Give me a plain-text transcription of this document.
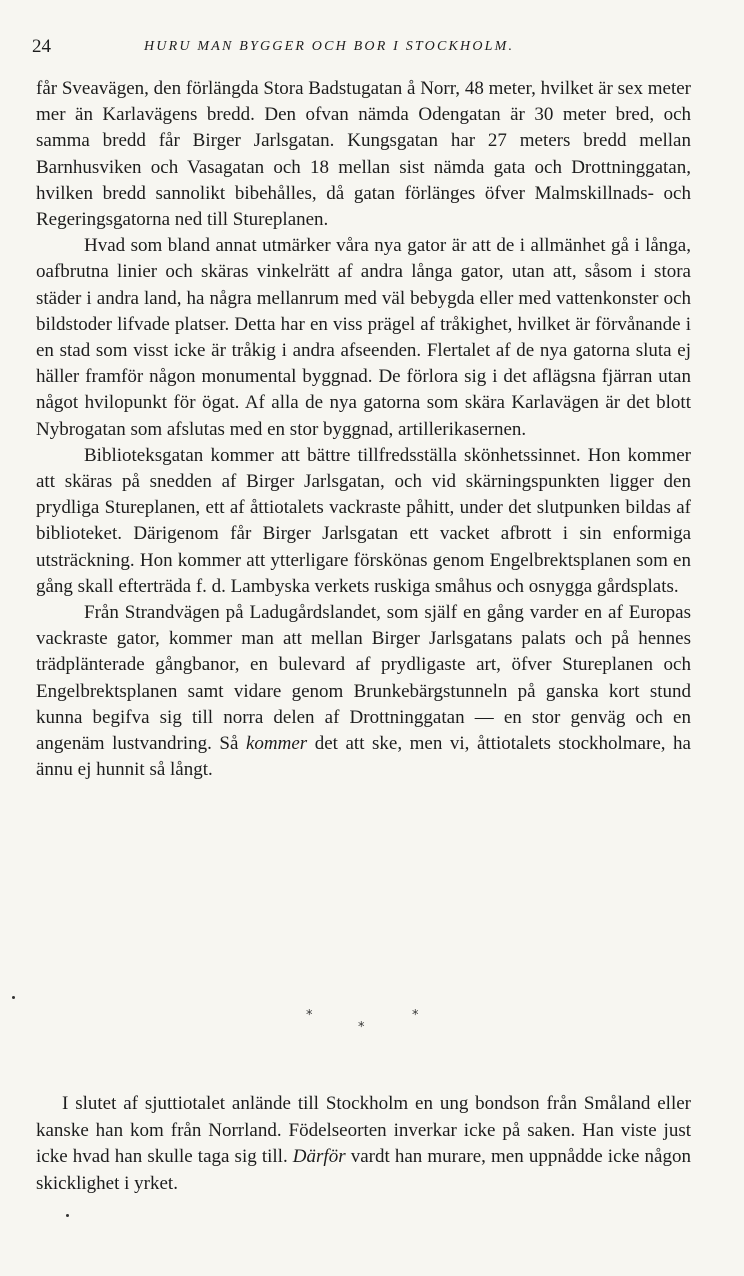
24	HURU MAN BYGGER OCH BOR I STOCKHOLM.

får Sveavägen, den förlängda Stora Badstugatan å Norr, 48 meter, hvilket är sex meter mer än Karlavägens bredd. Den ofvan nämda Odengatan är 30 meter bred, och samma bredd får Birger Jarlsgatan. Kungsgatan har 27 meters bredd mellan Barnhusviken och Vasagatan och 18 mellan sist nämda gata och Drottninggatan, hvilken bredd sannolikt bibehålles, då gatan förlänges öfver Malmskillnads- och Regeringsgatorna ned till Stureplanen.

Hvad som bland annat utmärker våra nya gator är att de i allmänhet gå i långa, oafbrutna linier och skäras vinkelrätt af andra långa gator, utan att, såsom i stora städer i andra land, ha några mellanrum med väl bebygda eller med vattenkonster och bildstoder lifvade platser. Detta har en viss prägel af tråkighet, hvilket är förvånande i en stad som visst icke är tråkig i andra afseenden. Flertalet af de nya gatorna sluta ej häller framför någon monumental byggnad. De förlora sig i det aflägsna fjärran utan något hvilopunkt för ögat. Af alla de nya gatorna som skära Karlavägen är det blott Nybrogatan som afslutas med en stor byggnad, artillerikasernen.

Biblioteksgatan kommer att bättre tillfredsställa skönhetssinnet. Hon kommer att skäras på snedden af Birger Jarlsgatan, och vid skärningspunkten ligger den prydliga Stureplanen, ett af åttiotalets vackraste påhitt, under det slutpunken bildas af biblioteket. Därigenom får Birger Jarlsgatan ett vacket afbrott i sin enformiga utsträckning. Hon kommer att ytterligare förskönas genom Engelbrektsplanen som en gång skall efterträda f. d. Lambyska verkets ruskiga småhus och osnygga gårdsplats.

Från Strandvägen på Ladugårdslandet, som själf en gång varder en af Europas vackraste gator, kommer man att mellan Birger Jarlsgatans palats och på hennes trädplänterade gångbanor, en bulevard af prydligaste art, öfver Stureplanen och Engelbrektsplanen samt vidare genom Brunkebärgstunneln på ganska kort stund kunna begifva sig till norra delen af Drottninggatan — en stor genväg och en angenäm lustvandring. Så kommer det att ske, men vi, åttiotalets stockholmare, ha ännu ej hunnit så långt.

*	*
*

I slutet af sjuttiotalet anlände till Stockholm en ung bondson från Småland eller kanske han kom från Norrland. Födelseorten inverkar icke på saken. Han viste just icke hvad han skulle taga sig till. Därför vardt han murare, men uppnådde icke någon skicklighet i yrket.
